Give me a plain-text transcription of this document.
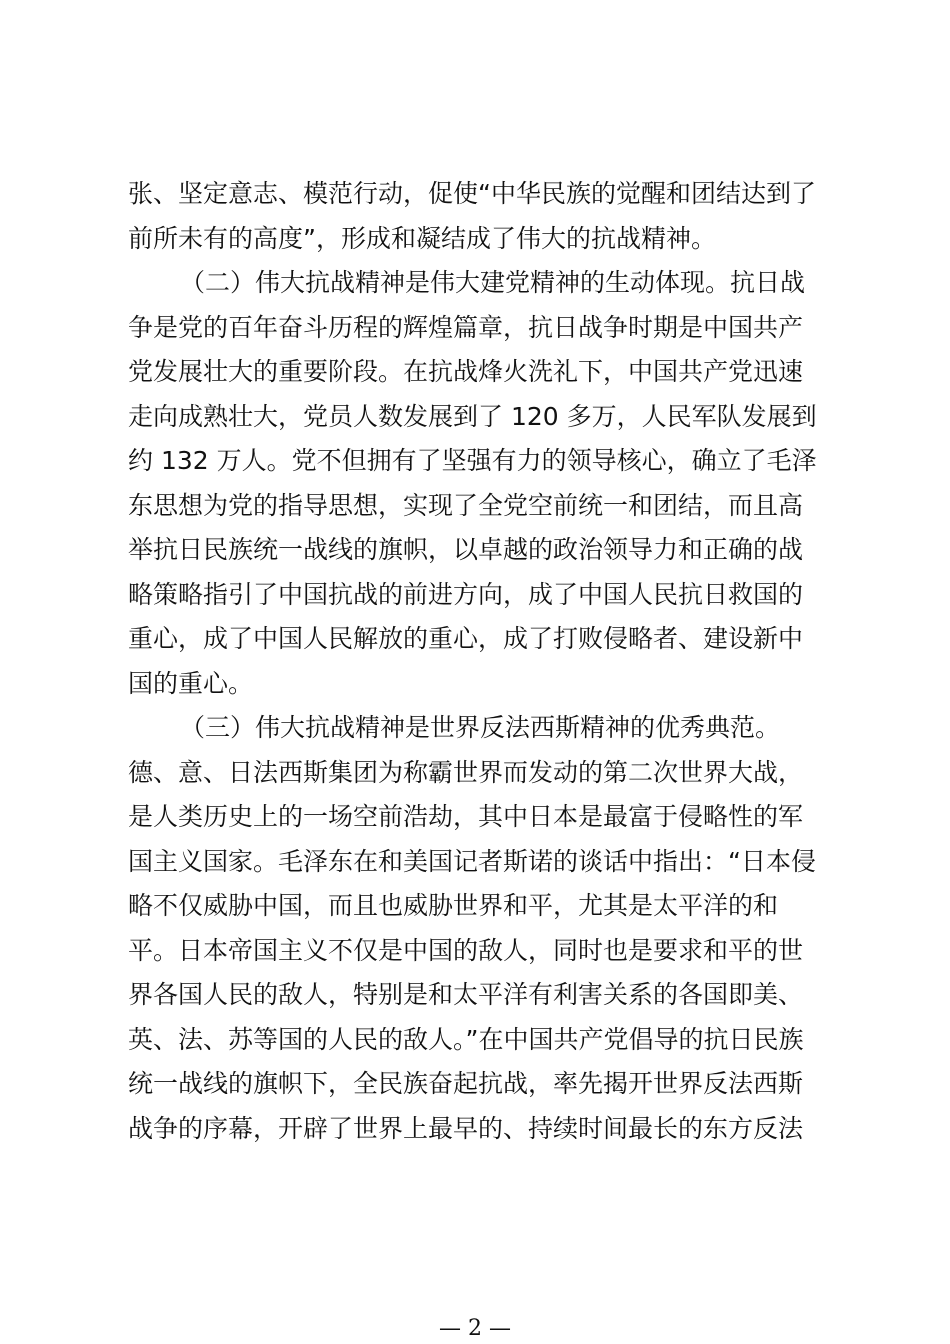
张、坚定意志、模范行动，促使“中华民族的觉醒和团结达到了
前所未有的高度”，形成和凝结成了伟大的抗战精神。
（二）伟大抗战精神是伟大建党精神的生动体现。抗日战
争是党的百年奋斗历程的辉煌篇章，抗日战争时期是中国共产
党发展壮大的重要阶段。在抗战烽火洗礼下，中国共产党迅速
走向成熟壮大，党员人数发展到了 120 多万，人民军队发展到
约 132 万人。党不但拥有了坚强有力的领导核心，确立了毛泽
东思想为党的指导思想，实现了全党空前统一和团结，而且高
举抗日民族统一战线的旗帜，以卓越的政治领导力和正确的战
略策略指引了中国抗战的前进方向，成了中国人民抗日救国的
重心，成了中国人民解放的重心，成了打败侵略者、建设新中
国的重心。
（三）伟大抗战精神是世界反法西斯精神的优秀典范。
德、意、日法西斯集团为称霸世界而发动的第二次世界大战，
是人类历史上的一场空前浩劫，其中日本是最富于侵略性的军
国主义国家。毛泽东在和美国记者斯诺的谈话中指出：“日本侵
略不仅威胁中国，而且也威胁世界和平，尤其是太平洋的和
平。日本帝国主义不仅是中国的敌人，同时也是要求和平的世
界各国人民的敌人，特别是和太平洋有利害关系的各国即美、
英、法、苏等国的人民的敌人。”在中国共产党倡导的抗日民族
统一战线的旗帜下，全民族奋起抗战，率先揭开世界反法西斯
战争的序幕，开辟了世界上最早的、持续时间最长的东方反法
— 2 —
